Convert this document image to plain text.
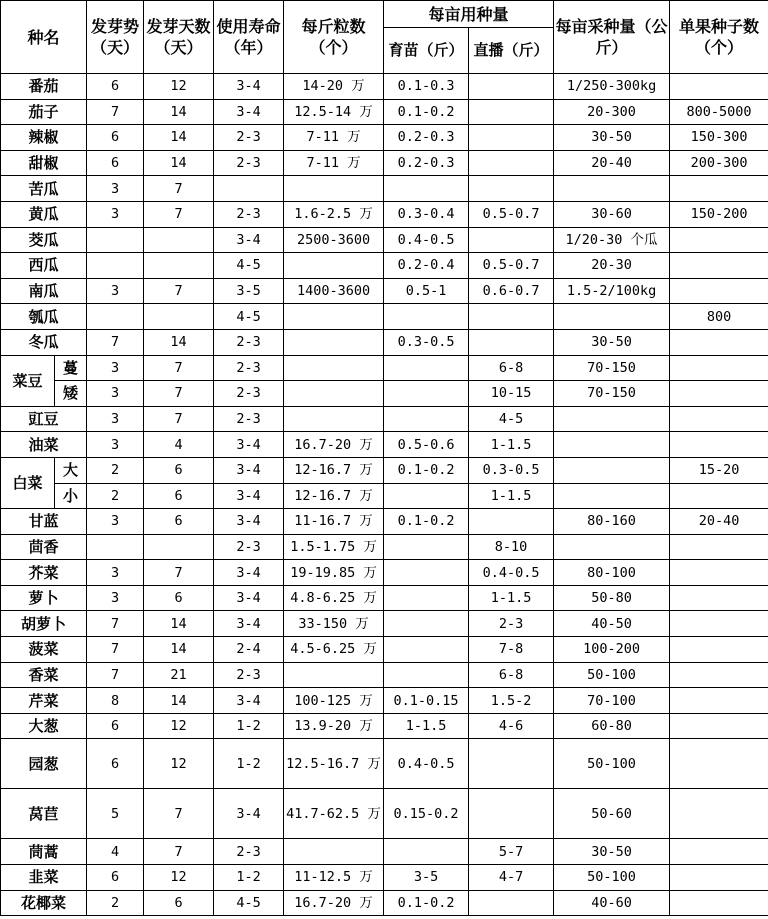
种名		发芽势（天）	发芽天数（天）	使用寿命（年）	每斤粒数（个）	每亩用种量		每亩采种量（公斤）	单果种子数（个）
						育苗（斤）	直播（斤）		
番茄		6	12	3-4	14-20 万	0.1-0.3		1/250-300kg	
茄子		7	14	3-4	12.5-14 万	0.1-0.2		20-300	800-5000
辣椒		6	14	2-3	7-11 万	0.2-0.3		30-50	150-300
甜椒		6	14	2-3	7-11 万	0.2-0.3		20-40	200-300
苦瓜		3	7						
黄瓜		3	7	2-3	1.6-2.5 万	0.3-0.4	0.5-0.7	30-60	150-200
茭瓜				3-4	2500-3600	0.4-0.5		1/20-30 个瓜	
西瓜				4-5		0.2-0.4	0.5-0.7	20-30	
南瓜		3	7	3-5	1400-3600	0.5-1	0.6-0.7	1.5-2/100kg	
瓠瓜				4-5					800
冬瓜		7	14	2-3		0.3-0.5		30-50	
菜豆	蔓	3	7	2-3			6-8	70-150	
	矮	3	7	2-3			10-15	70-150	
豇豆		3	7	2-3			4-5		
油菜		3	4	3-4	16.7-20 万	0.5-0.6	1-1.5		
白菜	大	2	6	3-4	12-16.7 万	0.1-0.2	0.3-0.5		15-20
	小	2	6	3-4	12-16.7 万		1-1.5		
甘蓝		3	6	3-4	11-16.7 万	0.1-0.2		80-160	20-40
茴香				2-3	1.5-1.75 万		8-10		
芥菜		3	7	3-4	19-19.85 万		0.4-0.5	80-100	
萝卜		3	6	3-4	4.8-6.25 万		1-1.5	50-80	
胡萝卜		7	14	3-4	33-150 万		2-3	40-50	
菠菜		7	14	2-4	4.5-6.25 万		7-8	100-200	
香菜		7	21	2-3			6-8	50-100	
芹菜		8	14	3-4	100-125 万	0.1-0.15	1.5-2	70-100	
大葱		6	12	1-2	13.9-20 万	1-1.5	4-6	60-80	
园葱		6	12	1-2	12.5-16.7 万	0.4-0.5		50-100	
莴苣		5	7	3-4	41.7-62.5 万	0.15-0.2		50-60	
茼蒿		4	7	2-3			5-7	30-50	
韭菜		6	12	1-2	11-12.5 万	3-5	4-7	50-100	
花椰菜		2	6	4-5	16.7-20 万	0.1-0.2		40-60	
